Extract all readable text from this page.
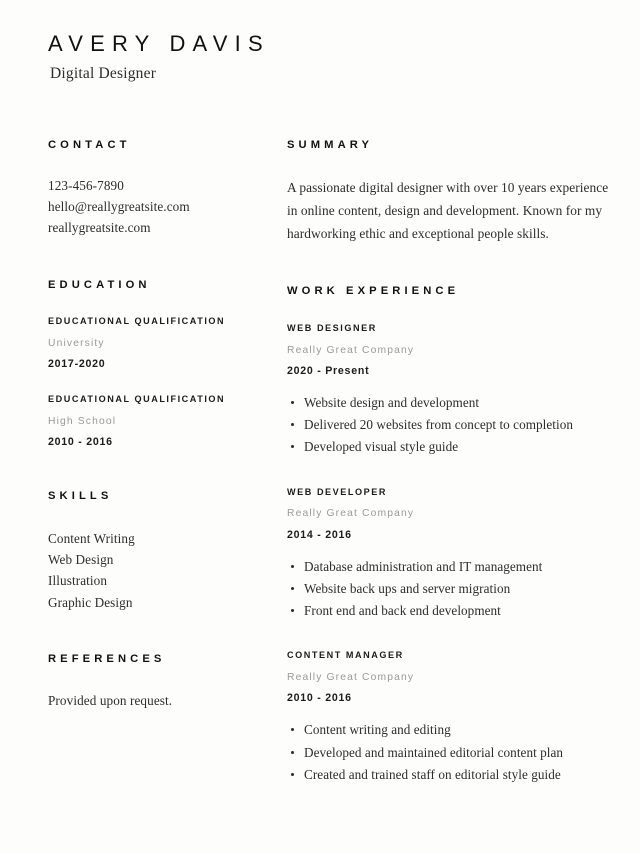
AVERY DAVIS
Digital Designer
CONTACT
123-456-7890
hello@reallygreatsite.com
reallygreatsite.com
EDUCATION
EDUCATIONAL QUALIFICATION
University
2017-2020
EDUCATIONAL QUALIFICATION
High School
2010 - 2016
SKILLS
Content Writing
Web Design
Illustration
Graphic Design
REFERENCES
Provided upon request.
SUMMARY

A passionate digital designer with over 10 years experience in online content, design and development. Known for my hardworking ethic and exceptional people skills.

WORK EXPERIENCE
WEB DESIGNER
Really Great Company
2020 - Present
Website design and development
Delivered 20 websites from concept to completion
Developed visual style guide
WEB DEVELOPER
Really Great Company
2014 - 2016
Database administration and IT management
Website back ups and server migration
Front end and back end development
CONTENT MANAGER
Really Great Company
2010 - 2016
Content writing and editing
Developed and maintained editorial content plan
Created and trained staff on editorial style guide
